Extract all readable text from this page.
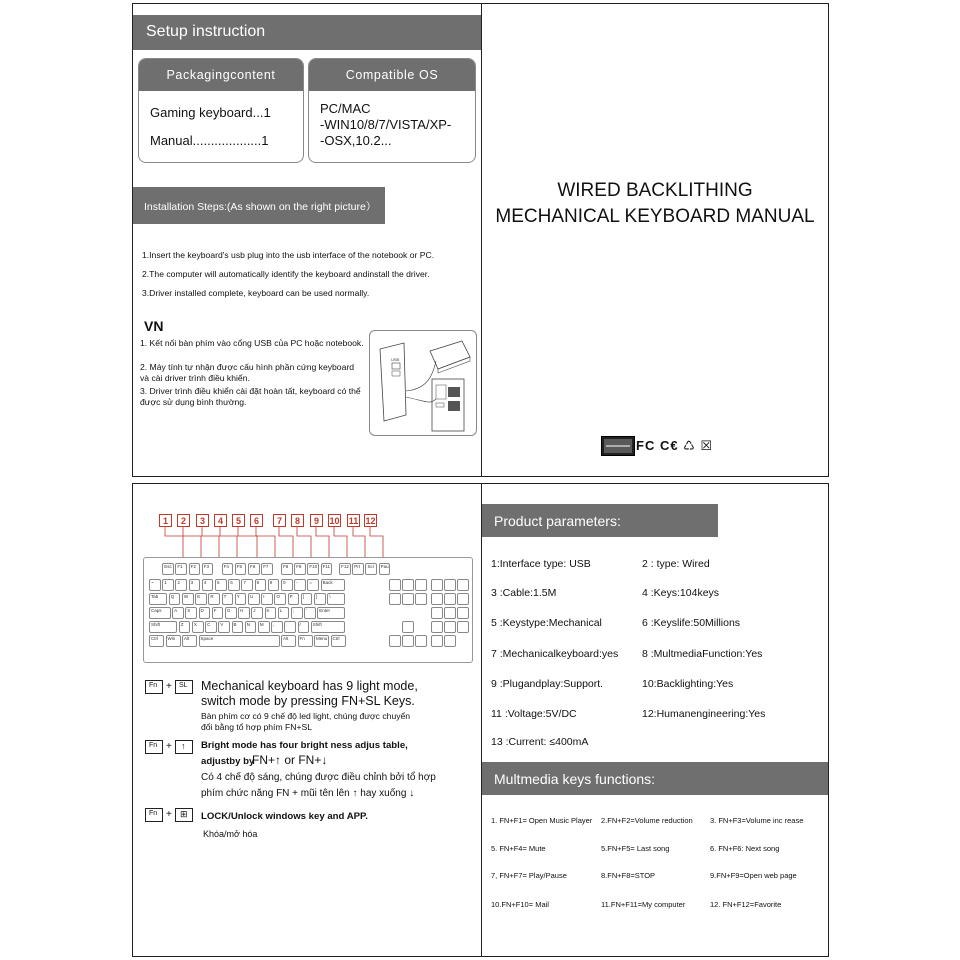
Setup instruction
Packagingcontent
Gaming keyboard...1
Manual...................1
Compatible OS
PC/MAC
-WIN10/8/7/VISTA/XP-
-OSX,10.2...
Installation Steps:(As shown on the right picture）
1.Insert the keyboard's usb plug into the usb interface of the notebook or PC.
2.The computer will automatically identify the keyboard andinstall the driver.
3.Driver installed complete, keyboard can be used normally.
VN
1. Kết nối bàn phím vào cổng USB của PC hoặc notebook.
2. Máy tính tự nhận được cấu hình phần cứng keyboard và cài driver trình điều khiển.
3. Driver trình điều khiển cài đặt hoàn tất, keyboard có thể được sử dụng bình thường.
USB
WIRED BACKLITHING
MECHANICAL KEYBOARD MANUAL
FC C€ ♺ ☒
1	2	3	4	5	6	7	8	9	10 11 12
Esc F1 F2 F3	F4 F5 F6 F7	F8 F9 F10 F11 F12 Prt Scr Pau
~ 1 2 3 4 5 6 7 8 9 0 -	= Back
Tab	Q W E R T Y U I	O P [	]	\
Caps	A S D F G H J K L ;	'	Enter
Shift	Z X C V B N M ,	.	/	Shift
Ctrl Win Alt Space	Alt Fn Menu Ctrl
Fn + SL Mechanical keyboard has 9 light mode,
switch mode by pressing FN+SL Keys.
Bàn phím cơ có 9 chế độ led light, chúng được chuyển
đổi bằng tổ hợp phím FN+SL
Fn + ↑ Bright mode has four bright ness adjus table,
adjustby by
FN+↑ or FN+↓
Có 4 chế độ sáng, chúng được điều chỉnh bởi tổ hợp
phím chức năng FN + mũi tên lên ↑ hay xuống ↓
Fn + ⊞ LOCK/Unlock windows key and APP.
Khóa/mở hóa
Product parameters:
1:Interface type: USB	2 : type: Wired
3 :Cable:1.5M	4 :Keys:104keys
5 :Keystype:Mechanical	6 :Keyslife:50Millions
7 :Mechanicalkeyboard:yes 8 :MultmediaFunction:Yes
9 :Plugandplay:Support.	10:Backlighting:Yes
11 :Voltage:5V/DC	12:Humanengineering:Yes
13 :Current: ≤400mA
Multmedia keys functions:
1. FN+F1= Open Music Player 2.FN+F2=Volume reduction 3. FN+F3=Volume inc rease
5. FN+F4= Mute	5.FN+F5= Last song	6. FN+F6: Next song
7, FN+F7= Play/Pause	8.FN+F8=STOP	9.FN+F9=Open web page
10.FN+F10= Mail	11.FN+F11=My computer	12. FN+F12=Favorite
